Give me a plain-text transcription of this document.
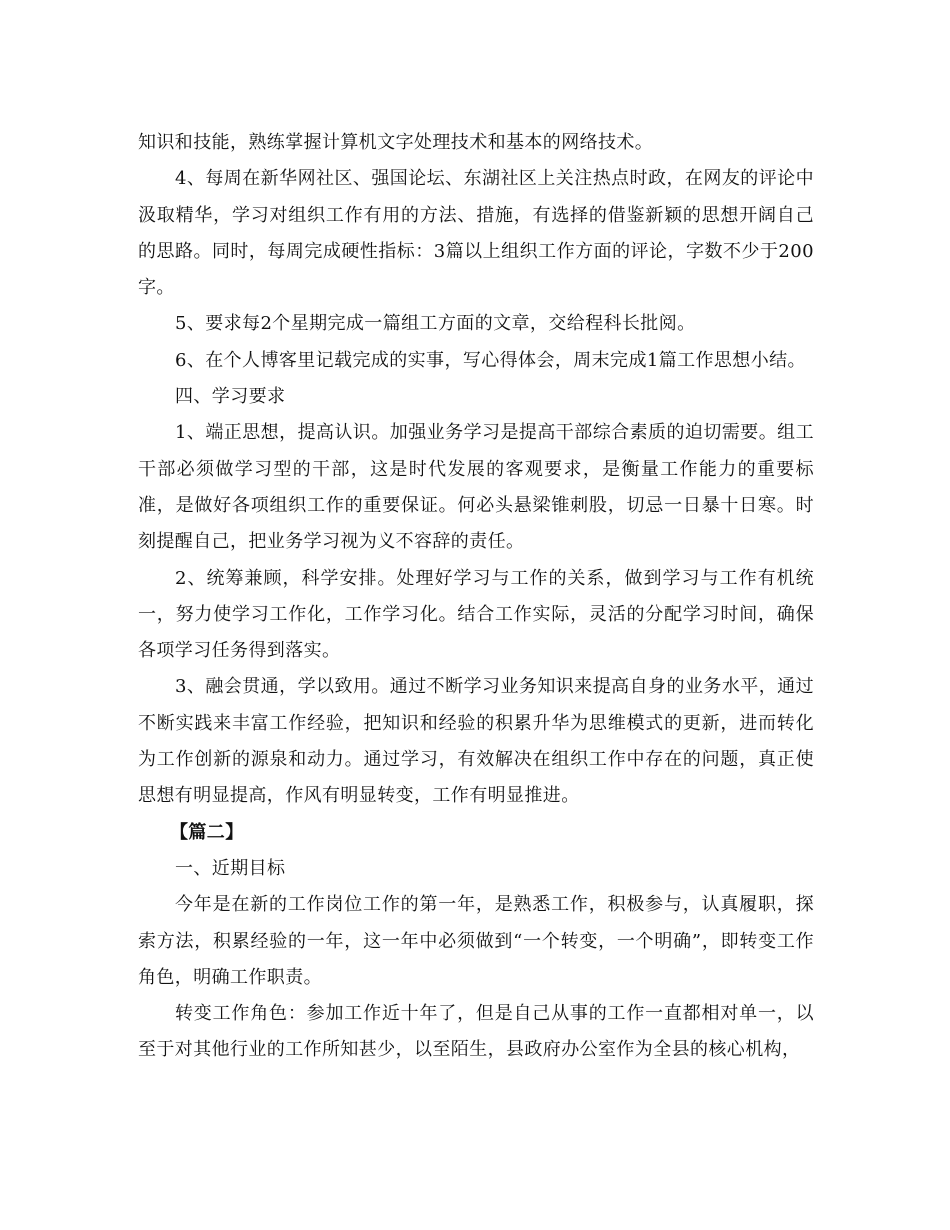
知识和技能，熟练掌握计算机文字处理技术和基本的网络技术。

4、每周在新华网社区、强国论坛、东湖社区上关注热点时政，在网友的评论中汲取精华，学习对组织工作有用的方法、措施，有选择的借鉴新颖的思想开阔自己的思路。同时，每周完成硬性指标：3篇以上组织工作方面的评论，字数不少于200字。

5、要求每2个星期完成一篇组工方面的文章，交给程科长批阅。

6、在个人博客里记载完成的实事，写心得体会，周末完成1篇工作思想小结。

四、学习要求

1、端正思想，提高认识。加强业务学习是提高干部综合素质的迫切需要。组工干部必须做学习型的干部，这是时代发展的客观要求，是衡量工作能力的重要标准，是做好各项组织工作的重要保证。何必头悬梁锥刺股，切忌一日暴十日寒。时刻提醒自己，把业务学习视为义不容辞的责任。

2、统筹兼顾，科学安排。处理好学习与工作的关系，做到学习与工作有机统一，努力使学习工作化，工作学习化。结合工作实际，灵活的分配学习时间，确保各项学习任务得到落实。

3、融会贯通，学以致用。通过不断学习业务知识来提高自身的业务水平，通过不断实践来丰富工作经验，把知识和经验的积累升华为思维模式的更新，进而转化为工作创新的源泉和动力。通过学习，有效解决在组织工作中存在的问题，真正使思想有明显提高，作风有明显转变，工作有明显推进。

【篇二】

一、近期目标

今年是在新的工作岗位工作的第一年，是熟悉工作，积极参与，认真履职，探索方法，积累经验的一年，这一年中必须做到“一个转变，一个明确”，即转变工作角色，明确工作职责。

转变工作角色：参加工作近十年了，但是自己从事的工作一直都相对单一，以至于对其他行业的工作所知甚少，以至陌生，县政府办公室作为全县的核心机构，
